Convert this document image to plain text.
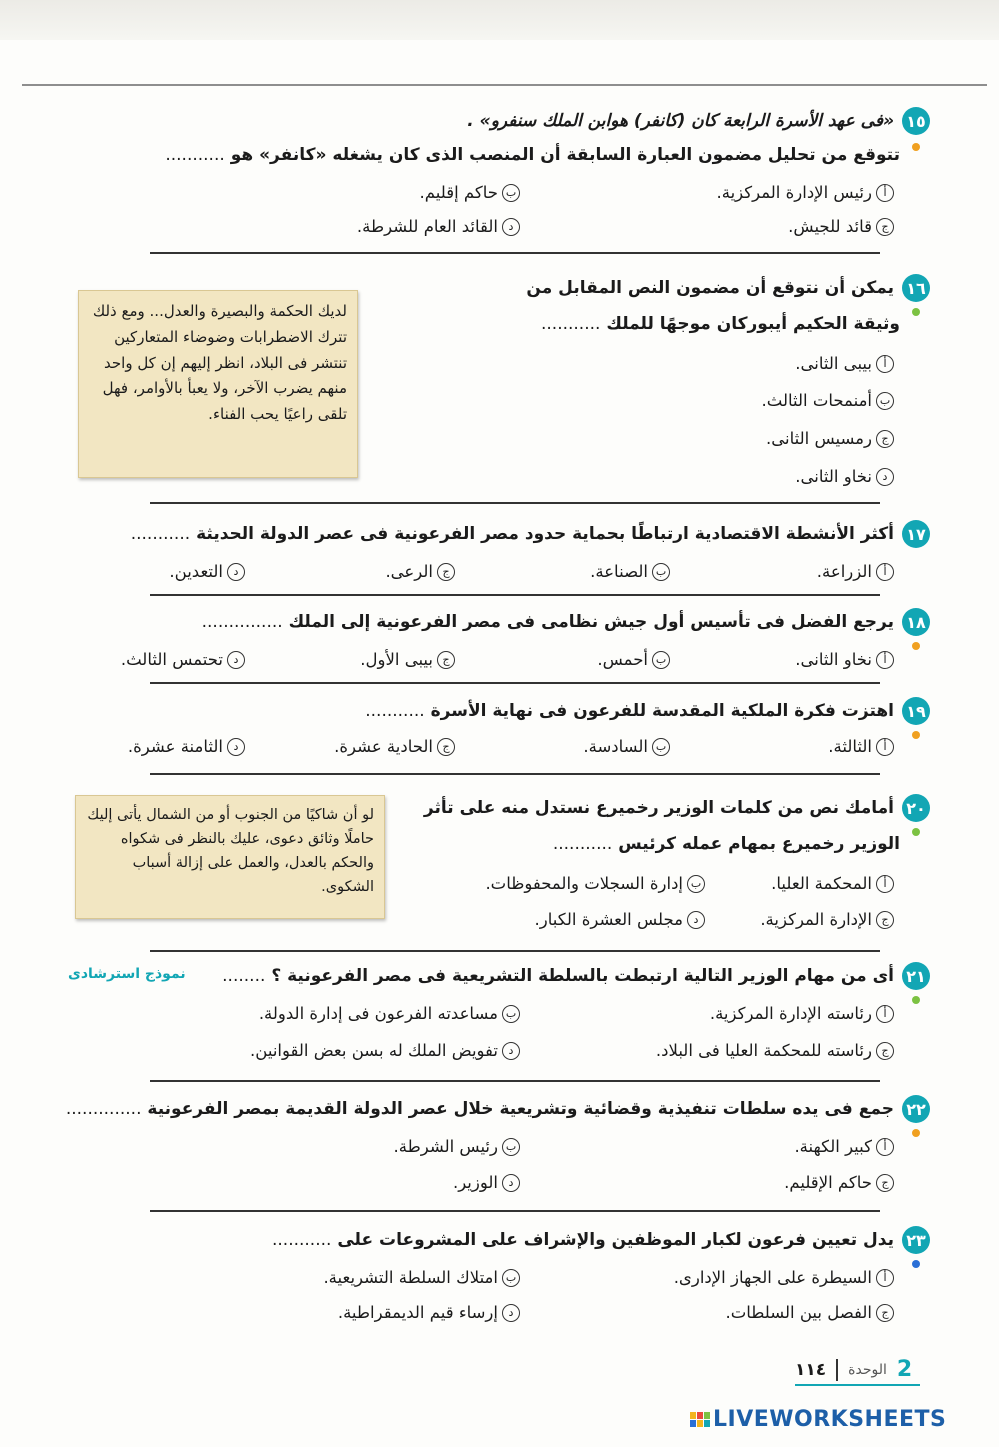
١٥
«فى عهد الأسرة الرابعة كان (كانفر) هوابن الملك سنفرو» .
تتوقع من تحليل مضمون العبارة السابقة أن المنصب الذى كان يشغله «كانفر» هو ...........
أ
رئيس الإدارة المركزية.
ب
حاكم إقليم.
ج
قائد للجيش.
د
القائد العام للشرطة.
١٦
يمكن أن نتوقع أن مضمون النص المقابل من
وثيقة الحكيم أيبوركان موجهًا للملك ...........
أ
بيبى الثانى.
ب
أمنمحات الثالث.
ج
رمسيس الثانى.
د
نخاو الثانى.
لديك الحكمة والبصيرة والعدل... ومع ذلك تترك الاضطرابات وضوضاء المتعاركين تنتشر فى البلاد، انظر إليهم إن كل واحد منهم يضرب الآخر، ولا يعبأ بالأوامر، فهل تلقى راعيًا يحب الفناء.
١٧
أكثر الأنشطة الاقتصادية ارتباطًا بحماية حدود مصر الفرعونية فى عصر الدولة الحديثة ...........
أ
الزراعة.
ب
الصناعة.
ج
الرعى.
د
التعدين.
١٨
يرجع الفضل فى تأسيس أول جيش نظامى فى مصر الفرعونية إلى الملك ...............
أ
نخاو الثانى.
ب
أحمس.
ج
بيبى الأول.
د
تحتمس الثالث.
١٩
اهتزت فكرة الملكية المقدسة للفرعون فى نهاية الأسرة ...........
أ
الثالثة.
ب
السادسة.
ج
الحادية عشرة.
د
الثامنة عشرة.
٢٠
أمامك نص من كلمات الوزير رخميرع نستدل منه على تأثر
الوزير رخميرع بمهام عمله كرئيس ...........
أ
المحكمة العليا.
ب
إدارة السجلات والمحفوظات.
ج
الإدارة المركزية.
د
مجلس العشرة الكبار.
لو أن شاكيًا من الجنوب أو من الشمال يأتى إليك حاملًا وثائق دعوى، عليك بالنظر فى شكواه والحكم بالعدل، والعمل على إزالة أسباب الشكوى.
نموذج استرشادى	٢١
أى من مهام الوزير التالية ارتبطت بالسلطة التشريعية فى مصر الفرعونية ؟ ........
أ
رئاسته الإدارة المركزية.
ب
مساعدته الفرعون فى إدارة الدولة.
ج
رئاسته للمحكمة العليا فى البلاد.
د
تفويض الملك له بسن بعض القوانين.
٢٢
جمع فى يده سلطات تنفيذية وقضائية وتشريعية خلال عصر الدولة القديمة بمصر الفرعونية ..............
أ
كبير الكهنة.
ب
رئيس الشرطة.
ج
حاكم الإقليم.
د
الوزير.
٢٣
يدل تعيين فرعون لكبار الموظفين والإشراف على المشروعات على ...........
أ
السيطرة على الجهاز الإدارى.
ب
امتلاك السلطة التشريعية.
ج
الفصل بين السلطات.
د
إرساء قيم الديمقراطية.
١١٤ الوحدة 2
LIVEWORKSHEETS
